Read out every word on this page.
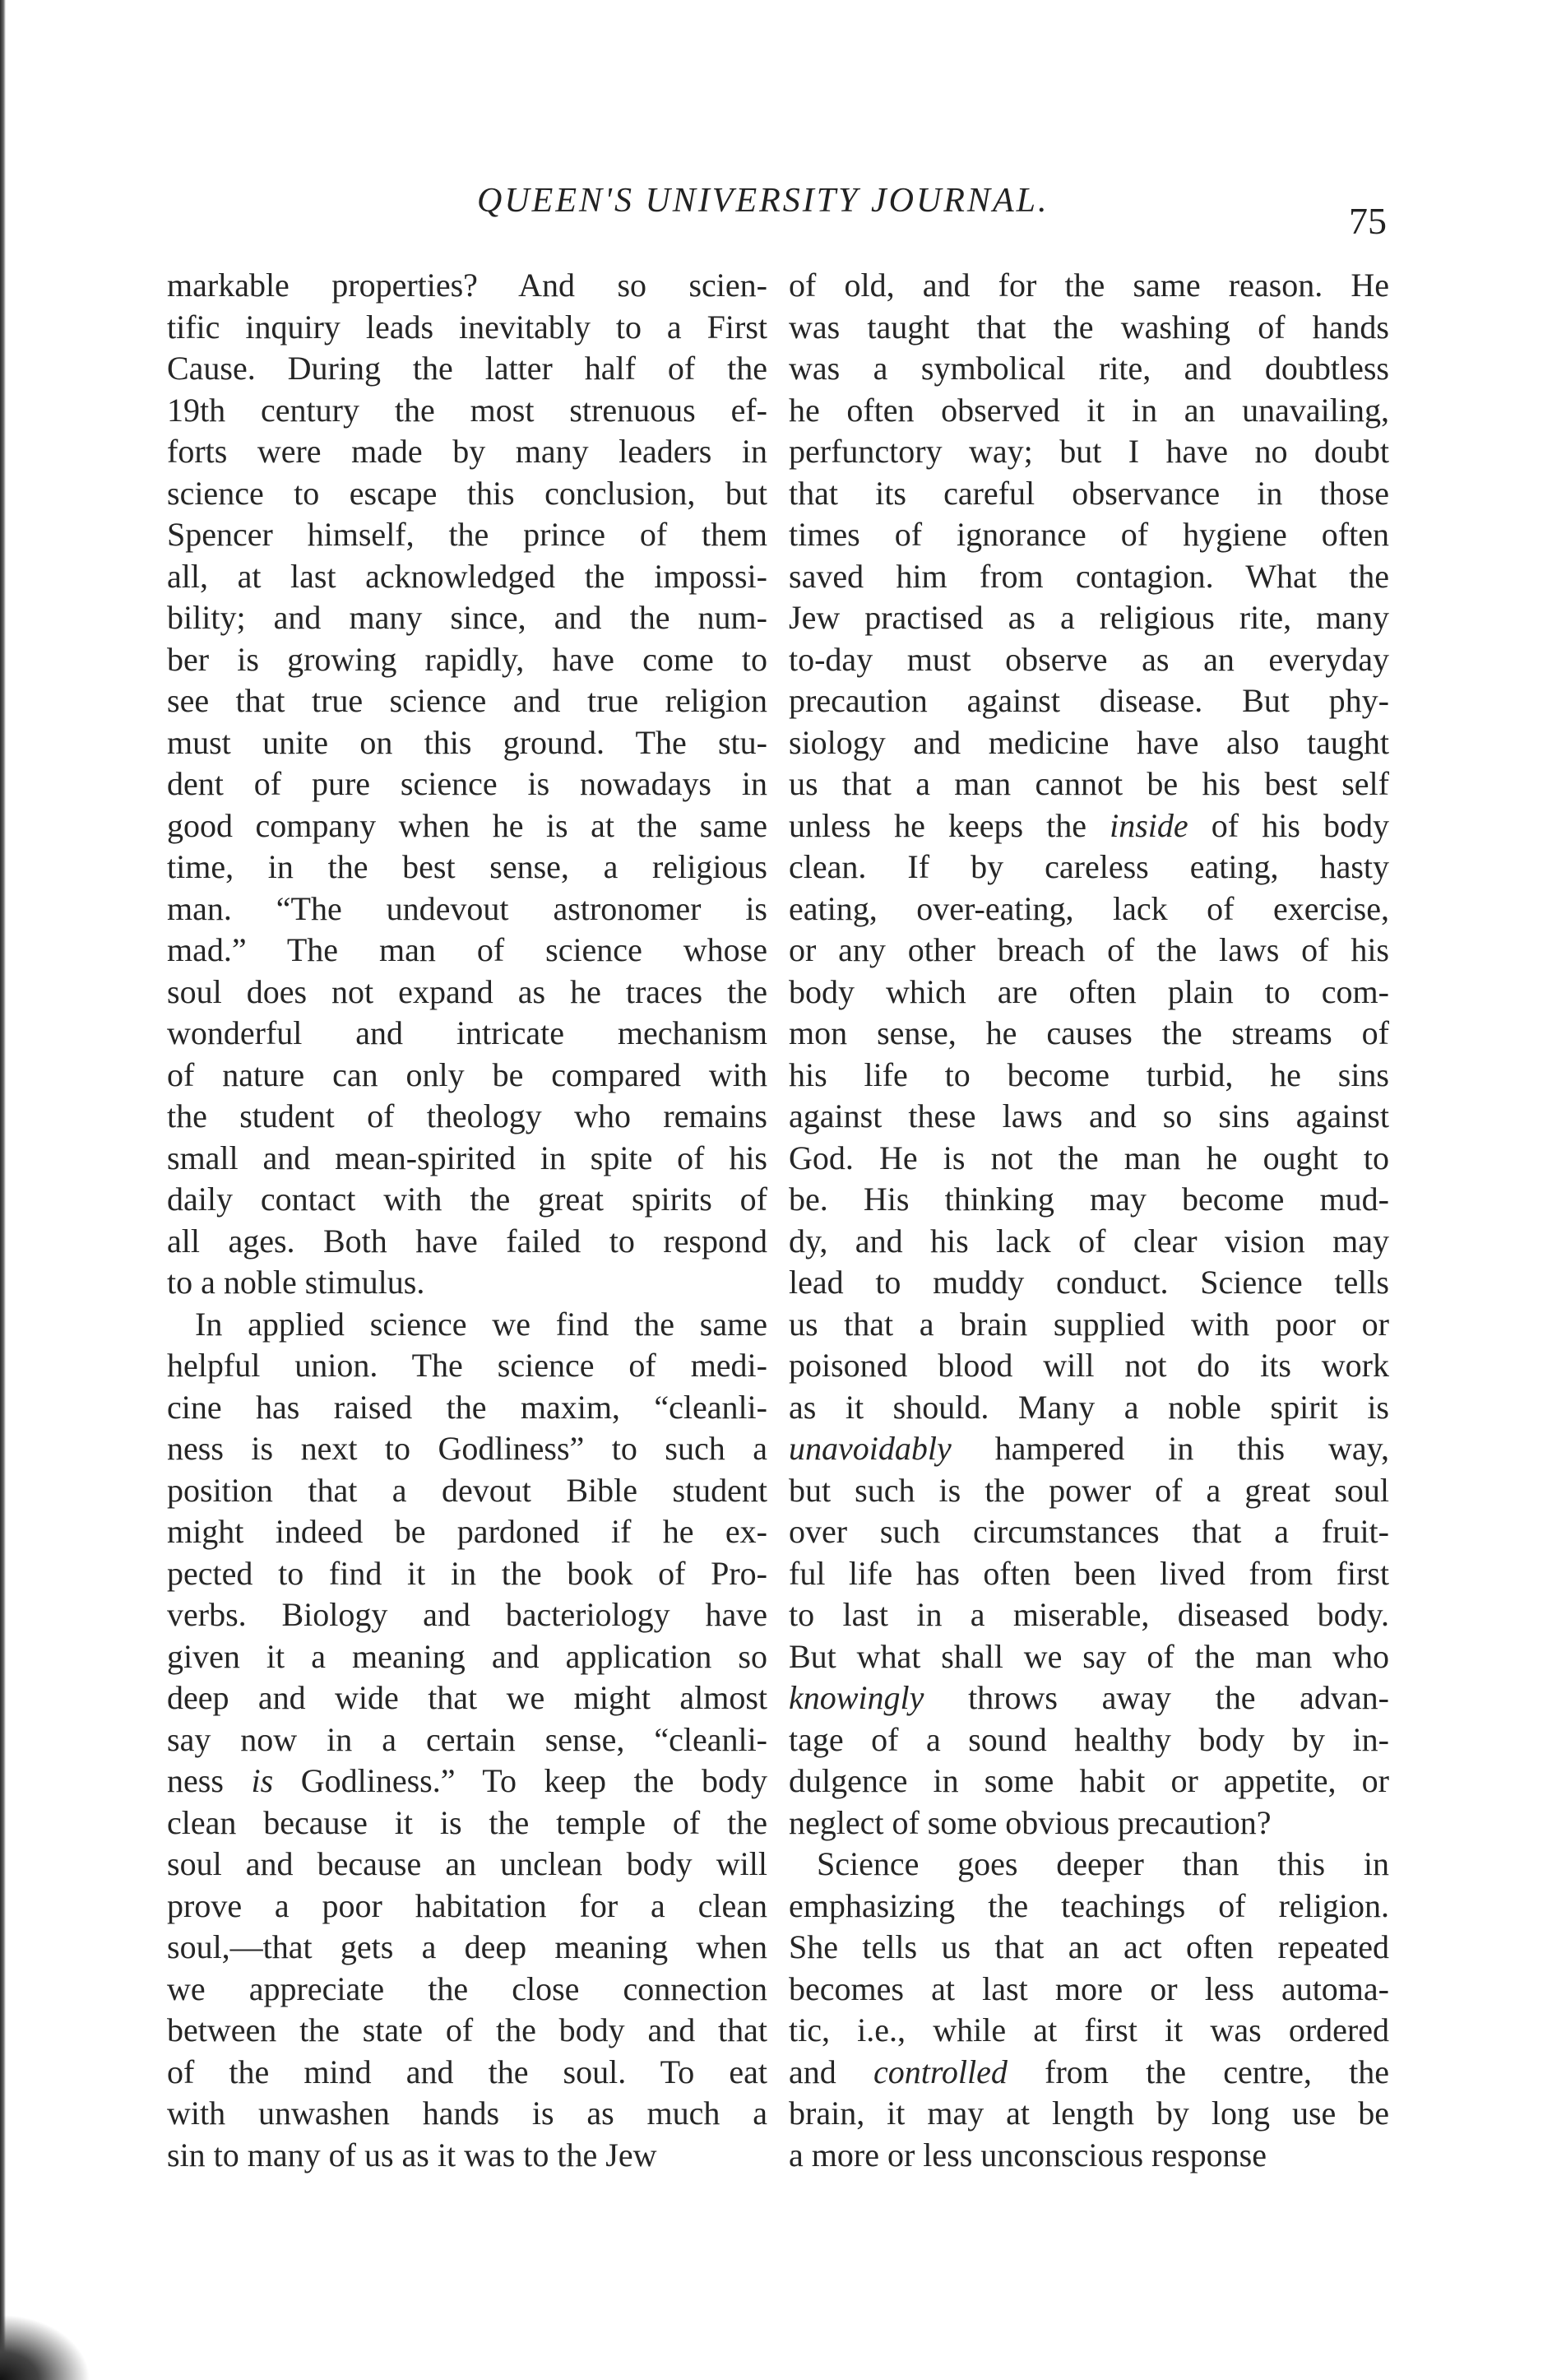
QUEEN'S UNIVERSITY JOURNAL.	75
markable properties? And so scien-
tific inquiry leads inevitably to a First
Cause. During the latter half of the
19th century the most strenuous ef-
forts were made by many leaders in
science to escape this conclusion, but
Spencer himself, the prince of them
all, at last acknowledged the impossi-
bility; and many since, and the num-
ber is growing rapidly, have come to
see that true science and true religion
must unite on this ground. The stu-
dent of pure science is nowadays in
good company when he is at the same
time, in the best sense, a religious
man. “The undevout astronomer is
mad.” The man of science whose
soul does not expand as he traces the
wonderful and intricate mechanism
of nature can only be compared with
the student of theology who remains
small and mean-spirited in spite of his
daily contact with the great spirits of
all ages. Both have failed to respond
to a noble stimulus.
In applied science we find the same
helpful union. The science of medi-
cine has raised the maxim, “cleanli-
ness is next to Godliness” to such a
position that a devout Bible student
might indeed be pardoned if he ex-
pected to find it in the book of Pro-
verbs. Biology and bacteriology have
given it a meaning and application so
deep and wide that we might almost
say now in a certain sense, “cleanli-
ness is Godliness.” To keep the body
clean because it is the temple of the
soul and because an unclean body will
prove a poor habitation for a clean
soul,—that gets a deep meaning when
we appreciate the close connection
between the state of the body and that
of the mind and the soul. To eat
with unwashen hands is as much a
sin to many of us as it was to the Jew
of old, and for the same reason. He
was taught that the washing of hands
was a symbolical rite, and doubtless
he often observed it in an unavailing,
perfunctory way; but I have no doubt
that its careful observance in those
times of ignorance of hygiene often
saved him from contagion. What the
Jew practised as a religious rite, many
to-day must observe as an everyday
precaution against disease. But phy-
siology and medicine have also taught
us that a man cannot be his best self
unless he keeps the inside of his body
clean. If by careless eating, hasty
eating, over-eating, lack of exercise,
or any other breach of the laws of his
body which are often plain to com-
mon sense, he causes the streams of
his life to become turbid, he sins
against these laws and so sins against
God. He is not the man he ought to
be. His thinking may become mud-
dy, and his lack of clear vision may
lead to muddy conduct. Science tells
us that a brain supplied with poor or
poisoned blood will not do its work
as it should. Many a noble spirit is
unavoidably hampered in this way,
but such is the power of a great soul
over such circumstances that a fruit-
ful life has often been lived from first
to last in a miserable, diseased body.
But what shall we say of the man who
knowingly throws away the advan-
tage of a sound healthy body by in-
dulgence in some habit or appetite, or
neglect of some obvious precaution?
Science goes deeper than this in
emphasizing the teachings of religion.
She tells us that an act often repeated
becomes at last more or less automa-
tic, i.e., while at first it was ordered
and controlled from the centre, the
brain, it may at length by long use be
a more or less unconscious response
